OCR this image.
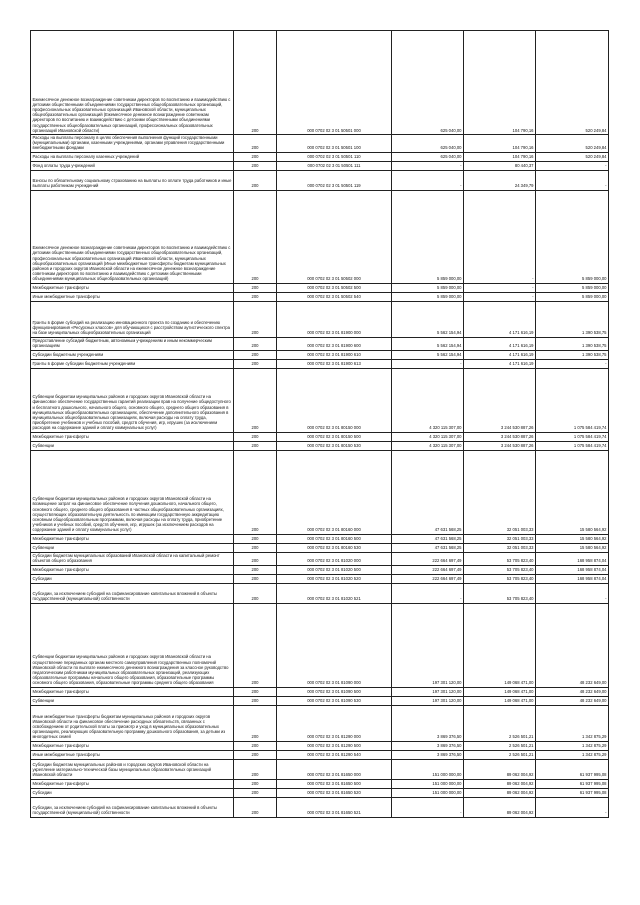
Ежемесячное денежное вознаграждение советникам директоров по воспитанию и взаимодействию с детскими общественными объединениями государственных общеобразовательных организаций, профессиональных образовательных организаций Ивановской области, муниципальных общеобразовательных организаций (Ежемесячное денежное вознаграждение советникам директоров по воспитанию и взаимодействию с детскими общественными объединениями государственных общеобразовательных организаций, профессиональных образовательных организаций Ивановской области)	200	000 0702 02 3 01 50501 000	625 040,00	104 790,16	520 249,84
Расходы на выплаты персоналу в целях обеспечения выполнения функций государственными (муниципальными) органами, казенными учреждениями, органами управления государственными внебюджетными фондами	200	000 0702 02 3 01 50501 100	625 040,00	104 790,16	520 249,84
Расходы на выплаты персоналу казенных учреждений	200	000 0702 02 3 01 50501 110	625 040,00	104 790,16	520 249,84
Фонд оплаты труда учреждений	200	000 0702 02 3 01 50501 111	-	80 440,37	-
Взносы по обязательному социальному страхованию на выплаты по оплате труда работников и иные выплаты работникам учреждений	200	000 0702 02 3 01 50501 119	-	24 349,79	-
Ежемесячное денежное вознаграждение советникам директоров по воспитанию и взаимодействию с детскими общественными объединениями государственных общеобразовательных организаций, профессиональных образовательных организаций Ивановской области, муниципальных общеобразовательных организаций (Иные межбюджетные трансферты бюджетам муниципальных районов и городских округов Ивановской области на ежемесячное денежное вознаграждение советникам директоров по воспитанию и взаимодействию с детскими общественными объединениями муниципальных общеобразовательных организаций)	200	000 0702 02 3 01 50502 000	5 859 000,00	-	5 859 000,00
Межбюджетные трансферты	200	000 0702 02 3 01 50502 500	5 859 000,00	-	5 859 000,00
Иные межбюджетные трансферты	200	000 0702 02 3 01 50502 540	5 859 000,00	-	5 859 000,00
Гранты в форме субсидий на реализацию инновационного проекта по созданию и обеспечению функционирования «Ресурсных классов» для обучающихся с расстройством аутистического спектра на базе муниципальных общеобразовательных организаций	200	000 0702 02 3 01 81900 000	5 562 154,94	4 171 616,19	1 390 538,75
Предоставление субсидий бюджетным, автономным учреждениям и иным некоммерческим организациям	200	000 0702 02 3 01 81900 600	5 562 154,94	4 171 616,19	1 390 538,75
Субсидии бюджетным учреждениям	200	000 0702 02 3 01 81900 610	5 562 154,94	4 171 616,19	1 390 538,75
Гранты в форме субсидии бюджетным учреждениям	200	000 0702 02 3 01 81900 613	-	4 171 616,19	-
Субвенции бюджетам муниципальных районов и городских округов Ивановской области на финансовое обеспечение государственных гарантий реализации прав на получение общедоступного и бесплатного дошкольного, начального общего, основного общего, среднего общего образования в муниципальных общеобразовательных организациях, обеспечение дополнительного образования в муниципальных общеобразовательных организациях, включая расходы на оплату труда, приобретение учебников и учебных пособий, средств обучения, игр, игрушек (за исключением расходов на содержание зданий и оплату коммунальных услуг)	200	000 0702 02 3 01 80150 000	4 320 115 307,00	3 244 530 887,26	1 075 584 419,74
Межбюджетные трансферты	200	000 0702 02 3 01 80150 500	4 320 115 307,00	3 244 530 887,26	1 075 584 419,74
Субвенции	200	000 0702 02 3 01 80150 530	4 320 115 307,00	3 244 530 887,26	1 075 584 419,74
Субвенции бюджетам муниципальных районов и городских округов Ивановской области на возмещение затрат на финансовое обеспечение получения дошкольного, начального общего, основного общего, среднего общего образования в частных общеобразовательных организациях, осуществляющих образовательную деятельность по имеющим государственную аккредитацию основным общеобразовательным программам, включая расходы на оплату труда, приобретение учебников и учебных пособий, средств обучения, игр, игрушек (за исключением расходов на содержание зданий и оплату коммунальных услуг)	200	000 0702 02 3 01 80160 000	47 631 568,25	32 051 003,33	15 580 564,92
Межбюджетные трансферты	200	000 0702 02 3 01 80160 500	47 631 568,25	32 051 003,33	15 580 564,92
Субвенции	200	000 0702 02 3 01 80160 530	47 631 568,25	32 051 003,33	15 580 564,92
Субсидии бюджетам муниципальных образований Ивановской области на капитальный ремонт объектов общего образования	200	000 0702 02 3 01 81020 000	222 664 697,49	53 705 823,40	168 958 874,04
Межбюджетные трансферты	200	000 0702 02 3 01 81020 500	222 664 697,49	53 705 823,40	168 958 874,04
Субсидии	200	000 0702 02 3 01 81020 520	222 664 697,49	53 705 823,40	168 958 874,04
Субсидии, за исключением субсидий на софинансирование капитальных вложений в объекты государственной (муниципальной) собственности	200	000 0702 02 3 01 81020 521	-	53 705 823,40	-
Субвенции бюджетам муниципальных районов и городских округов Ивановской области на осуществление переданных органам местного самоуправления государственных полномочий Ивановской области по выплате ежемесячного денежного вознаграждения за классное руководство педагогическим работникам муниципальных образовательных организаций, реализующих образовательные программы начального общего образования, образовательные программы основного общего образования, образовательные программы среднего общего образования	200	000 0702 02 3 01 81090 000	197 301 120,00	149 068 471,00	48 232 649,00
Межбюджетные трансферты	200	000 0702 02 3 01 81090 500	197 301 120,00	149 068 471,00	48 232 649,00
Субвенции	200	000 0702 02 3 01 81090 530	197 301 120,00	149 068 471,00	48 232 649,00
Иные межбюджетные трансферты бюджетам муниципальных районов и городских округов Ивановской области на финансовое обеспечение расходных обязательств, связанных с освобождением от родительской платы за присмотр и уход в муниципальных образовательных организациях, реализующих образовательную программу дошкольного образования, за детьми из многодетных семей	200	000 0702 02 3 01 81290 000	3 869 376,50	2 526 501,21	1 342 875,29
Межбюджетные трансферты	200	000 0702 02 3 01 81290 500	3 869 376,50	2 526 501,21	1 342 875,29
Иные межбюджетные трансферты	200	000 0702 02 3 01 81290 540	3 869 376,50	2 526 501,21	1 342 875,29
Субсидии бюджетам муниципальных районов и городских округов Ивановской области на укрепление материально-технической базы муниципальных образовательных организаций Ивановской области	200	000 0702 02 3 01 81650 000	151 000 000,00	89 062 004,92	61 937 995,08
Межбюджетные трансферты	200	000 0702 02 3 01 81650 500	151 000 000,00	89 062 004,92	61 937 995,08
Субсидии	200	000 0702 02 3 01 81650 520	151 000 000,00	89 062 004,92	61 937 995,08
Субсидии, за исключением субсидий на софинансирование капитальных вложений в объекты государственной (муниципальной) собственности	200	000 0702 02 3 01 81650 521	-	89 062 004,92	-
